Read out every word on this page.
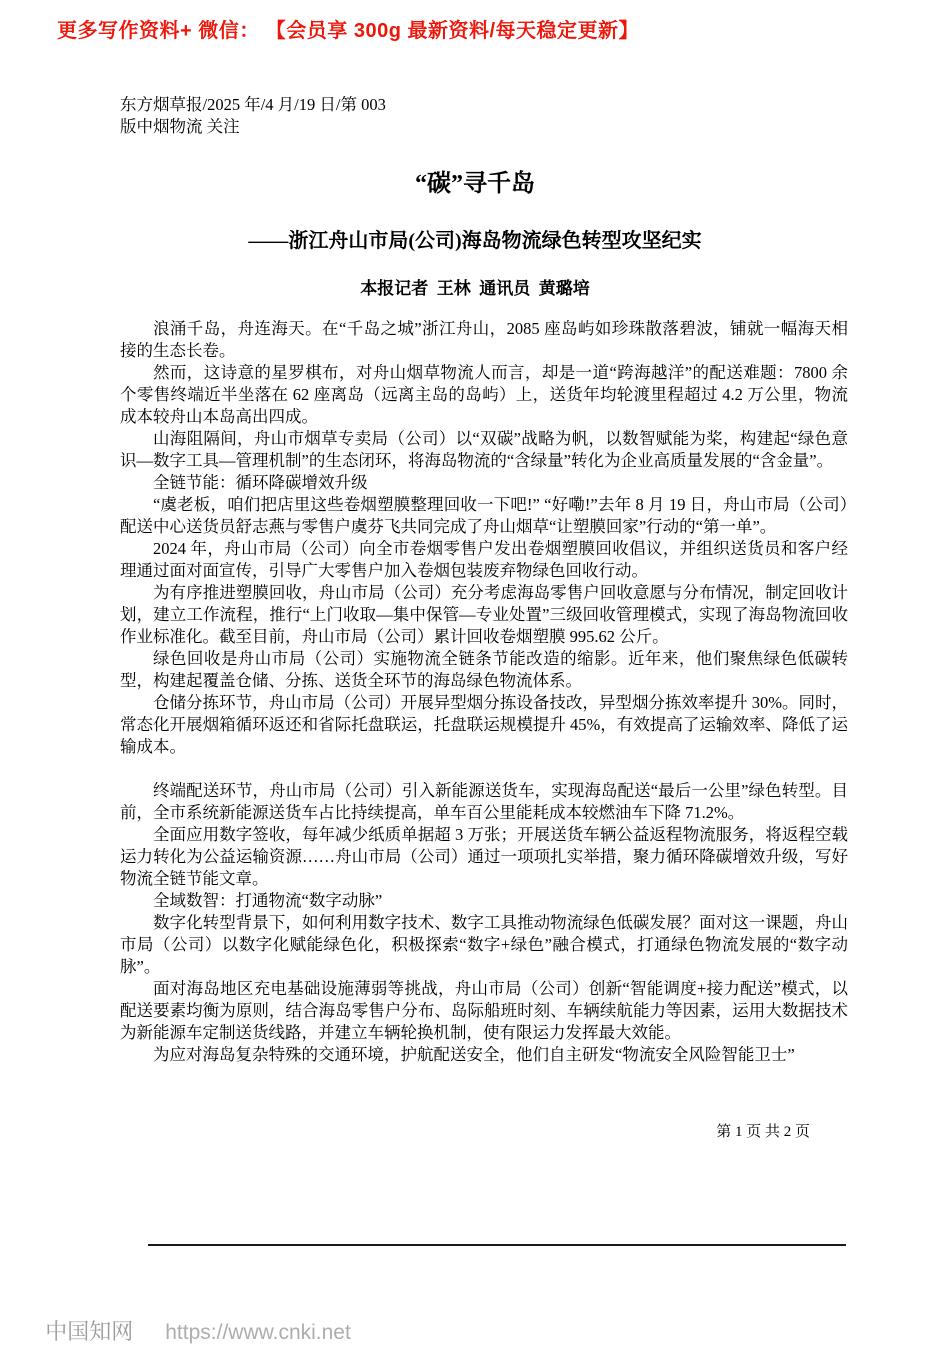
更多写作资料+ 微信： 【会员享 300g 最新资料/每天稳定更新】
东方烟草报/2025 年/4 月/19 日/第 003
版中烟物流 关注
“碳”寻千岛
——浙江舟山市局(公司)海岛物流绿色转型攻坚纪实
本报记者  王林  通讯员  黄璐培

浪涌千岛，舟连海天。在“千岛之城”浙江舟山，2085 座岛屿如珍珠散落碧波，铺就一幅海天相接的生态长卷。

然而，这诗意的星罗棋布，对舟山烟草物流人而言，却是一道“跨海越洋”的配送难题：7800 余个零售终端近半坐落在 62 座离岛（远离主岛的岛屿）上，送货年均轮渡里程超过 4.2 万公里，物流成本较舟山本岛高出四成。

山海阻隔间，舟山市烟草专卖局（公司）以“双碳”战略为帆，以数智赋能为桨，构建起“绿色意识—数字工具—管理机制”的生态闭环，将海岛物流的“含绿量”转化为企业高质量发展的“含金量”。

全链节能：循环降碳增效升级

“虞老板，咱们把店里这些卷烟塑膜整理回收一下吧!” “好嘞!”去年 8 月 19 日，舟山市局（公司）配送中心送货员舒志燕与零售户虞芬飞共同完成了舟山烟草“让塑膜回家”行动的“第一单”。

2024 年，舟山市局（公司）向全市卷烟零售户发出卷烟塑膜回收倡议，并组织送货员和客户经理通过面对面宣传，引导广大零售户加入卷烟包装废弃物绿色回收行动。

为有序推进塑膜回收，舟山市局（公司）充分考虑海岛零售户回收意愿与分布情况，制定回收计划，建立工作流程，推行“上门收取—集中保管—专业处置”三级回收管理模式，实现了海岛物流回收作业标准化。截至目前，舟山市局（公司）累计回收卷烟塑膜 995.62 公斤。

绿色回收是舟山市局（公司）实施物流全链条节能改造的缩影。近年来，他们聚焦绿色低碳转型，构建起覆盖仓储、分拣、送货全环节的海岛绿色物流体系。

仓储分拣环节，舟山市局（公司）开展异型烟分拣设备技改，异型烟分拣效率提升 30%。同时，常态化开展烟箱循环返还和省际托盘联运，托盘联运规模提升 45%，有效提高了运输效率、降低了运输成本。

终端配送环节，舟山市局（公司）引入新能源送货车，实现海岛配送“最后一公里”绿色转型。目前，全市系统新能源送货车占比持续提高，单车百公里能耗成本较燃油车下降 71.2%。

全面应用数字签收，每年减少纸质单据超 3 万张；开展送货车辆公益返程物流服务，将返程空载运力转化为公益运输资源……舟山市局（公司）通过一项项扎实举措，聚力循环降碳增效升级，写好物流全链节能文章。

全域数智：打通物流“数字动脉”

数字化转型背景下，如何利用数字技术、数字工具推动物流绿色低碳发展？面对这一课题，舟山市局（公司）以数字化赋能绿色化，积极探索“数字+绿色”融合模式，打通绿色物流发展的“数字动脉”。

面对海岛地区充电基础设施薄弱等挑战，舟山市局（公司）创新“智能调度+接力配送”模式，以配送要素均衡为原则，结合海岛零售户分布、岛际船班时刻、车辆续航能力等因素，运用大数据技术为新能源车定制送货线路，并建立车辆轮换机制，使有限运力发挥最大效能。

为应对海岛复杂特殊的交通环境，护航配送安全，他们自主研发“物流安全风险智能卫士”

第 1 页 共 2 页

中国知网 https://www.cnki.net
